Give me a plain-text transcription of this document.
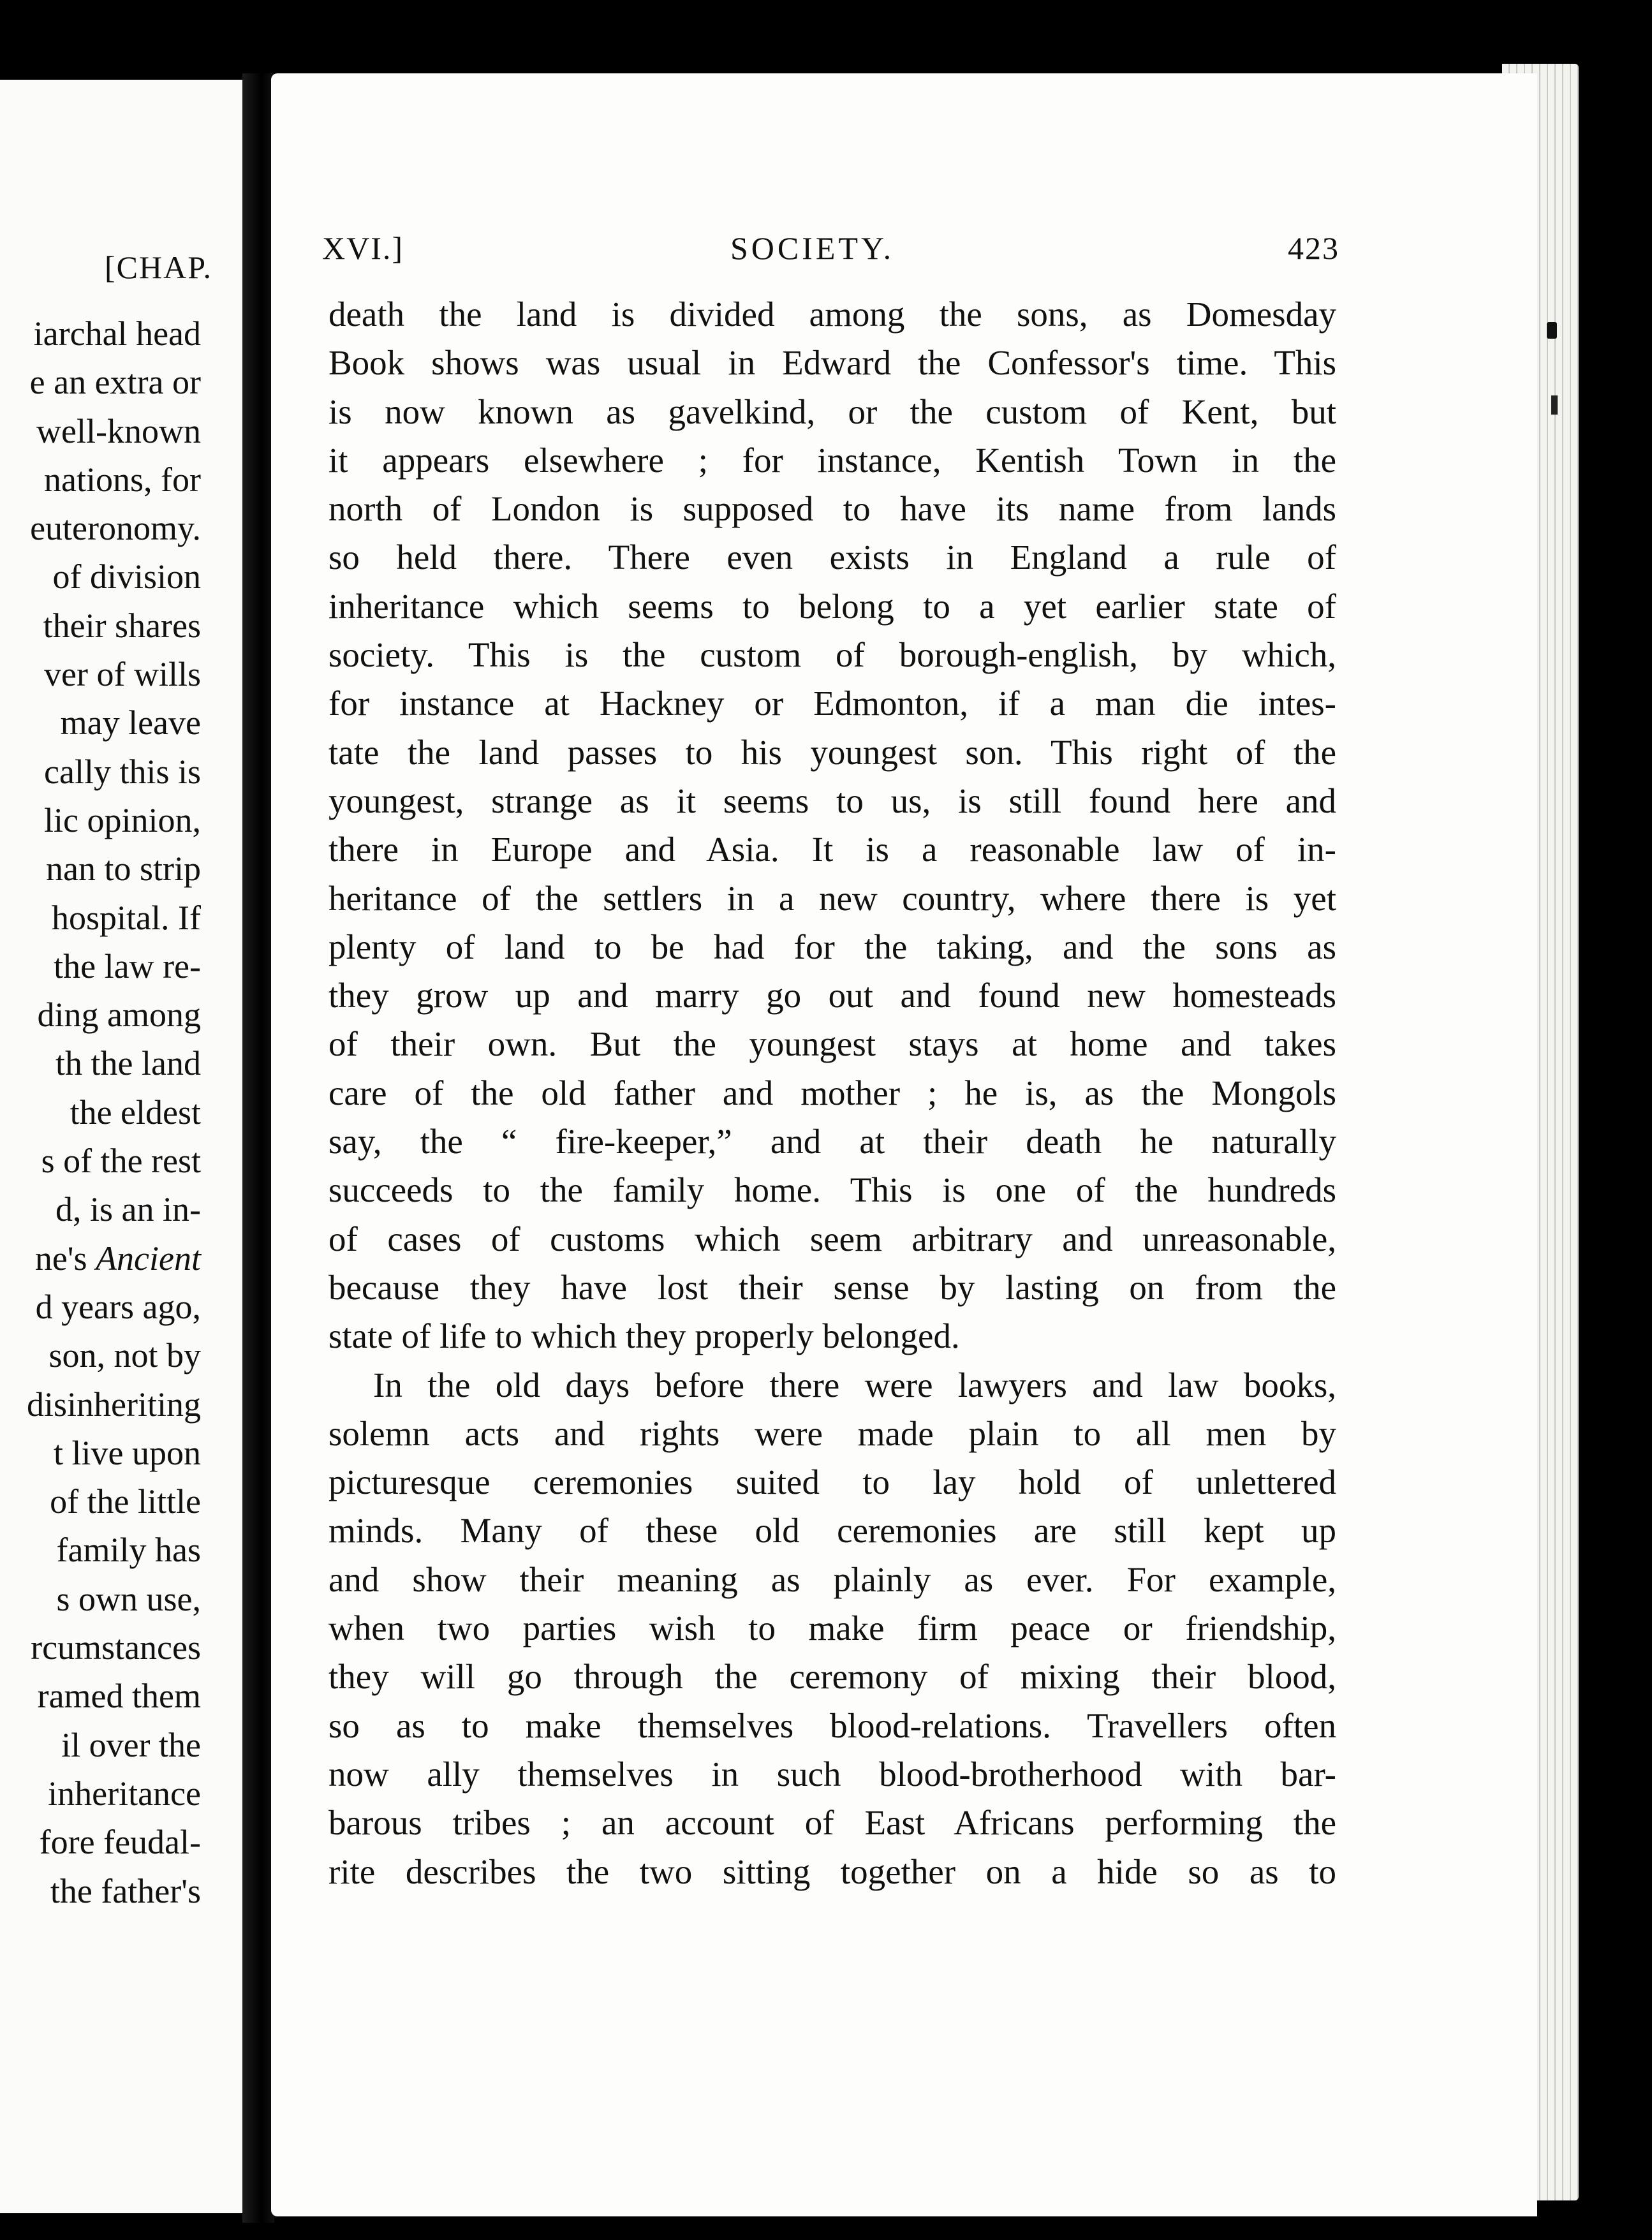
[CHAP.
iarchal head
e an extra or
well-known
nations, for
euteronomy.
of division
their shares
ver of wills
may leave
cally this is
lic opinion,
nan to strip
hospital. If
the law re-
ding among
th the land
the eldest
s of the rest
d, is an in-
ne's Ancient
d years ago,
son, not by
disinheriting
t live upon
of the little
family has
s own use,
rcumstances
ramed them
il over the
inheritance
fore feudal-
the father's
XVI.]	SOCIETY.	423
death the land is divided among the sons, as Domesday
Book shows was usual in Edward the Confessor's time. This
is now known as gavelkind, or the custom of Kent, but
it appears elsewhere ; for instance, Kentish Town in the
north of London is supposed to have its name from lands
so held there. There even exists in England a rule of
inheritance which seems to belong to a yet earlier state of
society. This is the custom of borough-english, by which,
for instance at Hackney or Edmonton, if a man die intes-
tate the land passes to his youngest son. This right of the
youngest, strange as it seems to us, is still found here and
there in Europe and Asia. It is a reasonable law of in-
heritance of the settlers in a new country, where there is yet
plenty of land to be had for the taking, and the sons as
they grow up and marry go out and found new homesteads
of their own. But the youngest stays at home and takes
care of the old father and mother ; he is, as the Mongols
say, the “ fire-keeper,” and at their death he naturally
succeeds to the family home. This is one of the hundreds
of cases of customs which seem arbitrary and unreasonable,
because they have lost their sense by lasting on from the
state of life to which they properly belonged.
In the old days before there were lawyers and law books,
solemn acts and rights were made plain to all men by
picturesque ceremonies suited to lay hold of unlettered
minds. Many of these old ceremonies are still kept up
and show their meaning as plainly as ever. For example,
when two parties wish to make firm peace or friendship,
they will go through the ceremony of mixing their blood,
so as to make themselves blood-relations. Travellers often
now ally themselves in such blood-brotherhood with bar-
barous tribes ; an account of East Africans performing the
rite describes the two sitting together on a hide so as to
